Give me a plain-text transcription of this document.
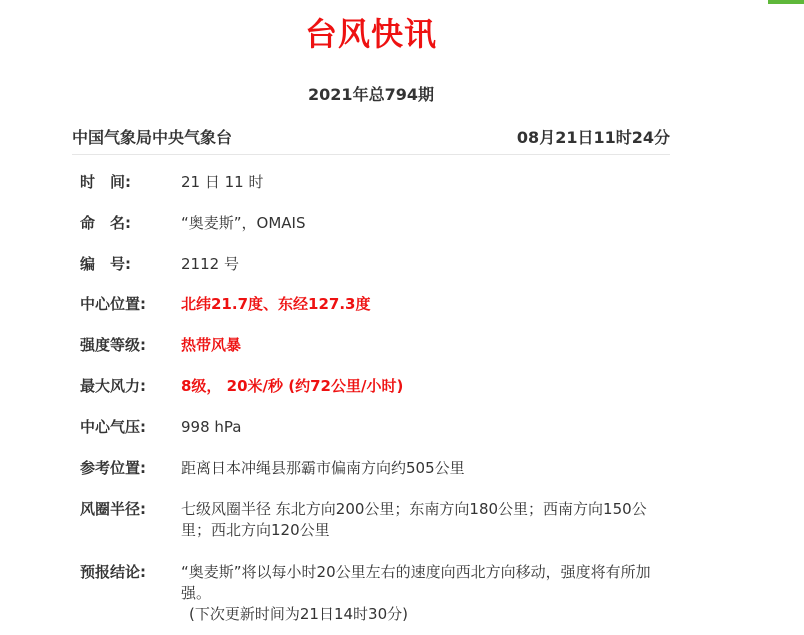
台风快讯
2021年总794期
中国气象局中央气象台	08月21日11时24分
时　间:	21 日 11 时
命　名:	“奥麦斯”，OMAIS
编　号:	2112 号
中心位置:	北纬21.7度、东经127.3度
强度等级:	热带风暴
最大风力:	8级， 20米/秒 (约72公里/小时)
中心气压:	998 hPa
参考位置:	距离日本冲绳县那霸市偏南方向约505公里
风圈半径:	七级风圈半径 东北方向200公里；东南方向180公里；西南方向150公里；西北方向120公里
预报结论:	“奥麦斯”将以每小时20公里左右的速度向西北方向移动，强度将有所加强。
(下次更新时间为21日14时30分)
